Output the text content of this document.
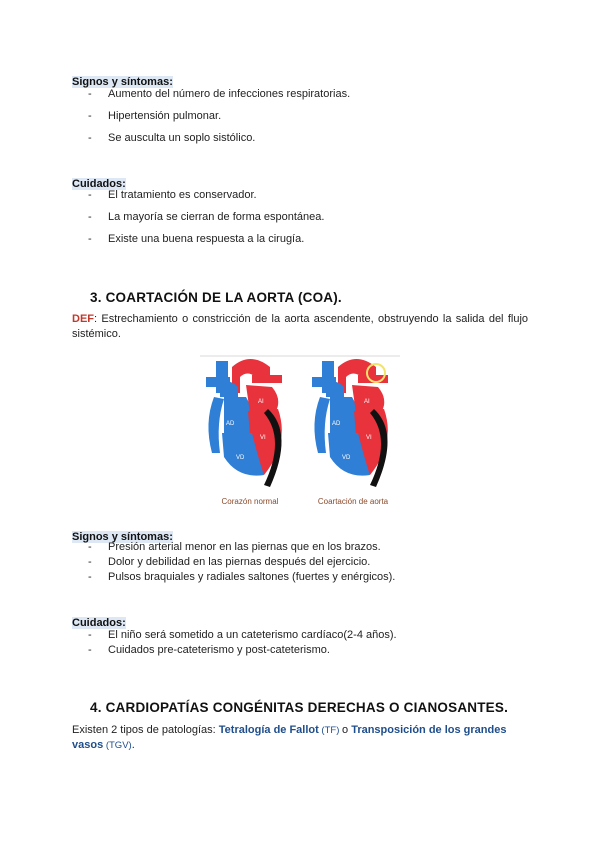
Signos y síntomas:
- Aumento del número de infecciones respiratorias.
- Hipertensión pulmonar.
- Se ausculta un soplo sistólico.
Cuidados:
- El tratamiento es conservador.
- La mayoría se cierran de forma espontánea.
- Existe una buena respuesta a la cirugía.
3. COARTACIÓN DE LA AORTA (COA).
DEF: Estrechamiento o constricción de la aorta ascendente, obstruyendo la salida del flujo sistémico.
AD
AI
VI
VD
AD
AI
VI
VD
Corazón normal	Coartación de aorta
Signos y síntomas:
- Presión arterial menor en las piernas que en los brazos.
- Dolor y debilidad en las piernas después del ejercicio.
- Pulsos braquiales y radiales saltones (fuertes y enérgicos).
Cuidados:
- El niño será sometido a un cateterismo cardíaco(2-4 años).
- Cuidados pre-cateterismo y post-cateterismo.
4. CARDIOPATÍAS CONGÉNITAS DERECHAS O CIANOSANTES.
Existen 2 tipos de patologías: Tetralogía de Fallot (TF) o Transposición de los grandes vasos (TGV).
